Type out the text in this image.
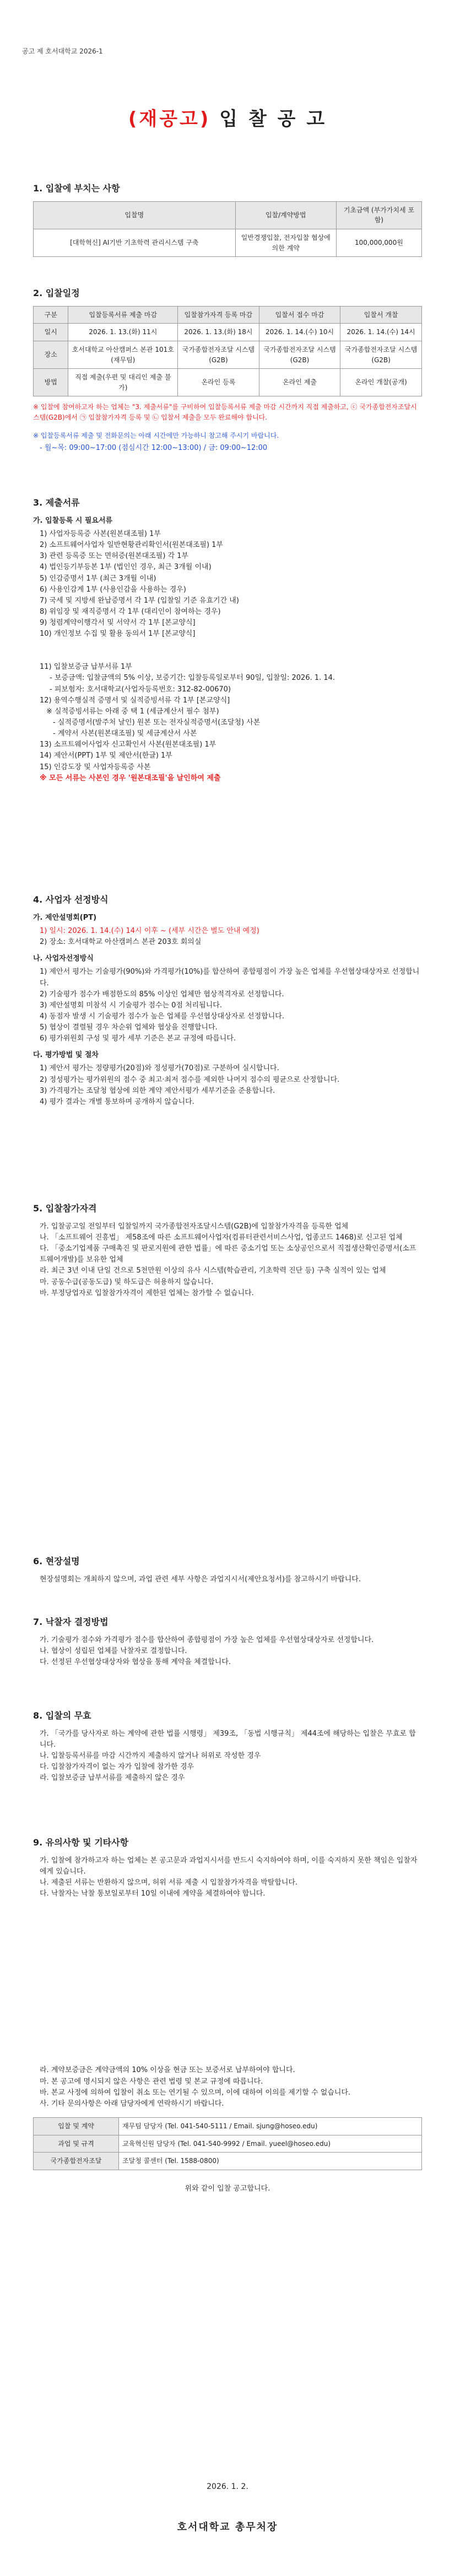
공고 제 호서대학교 2026-1
(재공고) 입 찰 공 고
1. 입찰에 부치는 사항
입찰명	입찰/계약방법	기초금액 (부가가치세 포함)
[대학혁신] AI기반 기초학력 관리시스템 구축	일반경쟁입찰, 전자입찰 협상에 의한 계약	100,000,000원
2. 입찰일정
구분	입찰등록서류 제출 마감	입찰참가자격 등록 마감	입찰서 접수 마감	입찰서 개찰
일시	2026. 1. 13.(화) 11시	2026. 1. 13.(화) 18시	2026. 1. 14.(수) 10시	2026. 1. 14.(수) 14시
장소	호서대학교 아산캠퍼스 본관 101호 (재무팀)	국가종합전자조달 시스템(G2B)	국가종합전자조달 시스템(G2B)	국가종합전자조달 시스템(G2B)
방법	직접 제출(우편 및 대리인 제출 불가)	온라인 등록	온라인 제출	온라인 개찰(공개)

※ 입찰에 참여하고자 하는 업체는 "3. 제출서류"를 구비하여 입찰등록서류 제출 마감 시간까지 직접 제출하고, ⓒ 국가종합전자조달시스템(G2B)에서 ㉠ 입찰참가자격 등록 및 ㉡ 입찰서 제출을 모두 완료해야 합니다.

※ 입찰등록서류 제출 및 전화문의는 아래 시간에만 가능하니 참고해 주시기 바랍니다.

- 월~목: 09:00~17:00 (점심시간 12:00~13:00) / 금: 09:00~12:00

3. 제출서류
가. 입찰등록 시 필요서류

1) 사업자등록증 사본(원본대조필) 1부

2) 소프트웨어사업자 일반현황관리확인서(원본대조필) 1부

3) 관련 등록증 또는 면허증(원본대조필) 각 1부

4) 법인등기부등본 1부 (법인인 경우, 최근 3개월 이내)

5) 인감증명서 1부 (최근 3개월 이내)

6) 사용인감계 1부 (사용인감을 사용하는 경우)

7) 국세 및 지방세 완납증명서 각 1부 (입찰일 기준 유효기간 내)

8) 위임장 및 재직증명서 각 1부 (대리인이 참여하는 경우)

9) 청렴계약이행각서 및 서약서 각 1부 [본교양식]

10) 개인정보 수집 및 활용 동의서 1부 [본교양식]

11) 입찰보증금 납부서류 1부

- 보증금액: 입찰금액의 5% 이상, 보증기간: 입찰등록일로부터 90일, 입찰일: 2026. 1. 14.

- 피보험자: 호서대학교(사업자등록번호: 312-82-00670)

12) 용역수행실적 증명서 및 실적증빙서류 각 1부 [본교양식]

※ 실적증빙서류는 아래 중 택 1 (세금계산서 필수 첨부)

- 실적증명서(발주처 날인) 원본 또는 전자실적증명서(조달청) 사본

- 계약서 사본(원본대조필) 및 세금계산서 사본

13) 소프트웨어사업자 신고확인서 사본(원본대조필) 1부

14) 제안서(PPT) 1부 및 제안서(한글) 1부

15) 인감도장 및 사업자등록증 사본

※ 모든 서류는 사본인 경우 '원본대조필'을 날인하여 제출

4. 사업자 선정방식
가. 제안설명회(PT)

1) 일시: 2026. 1. 14.(수) 14시 이후 ~ (세부 시간은 별도 안내 예정)

2) 장소: 호서대학교 아산캠퍼스 본관 203호 회의실

나. 사업자선정방식

1) 제안서 평가는 기술평가(90%)와 가격평가(10%)를 합산하여 종합평점이 가장 높은 업체를 우선협상대상자로 선정합니다.

2) 기술평가 점수가 배점한도의 85% 이상인 업체만 협상적격자로 선정합니다.

3) 제안설명회 미참석 시 기술평가 점수는 0점 처리됩니다.

4) 동점자 발생 시 기술평가 점수가 높은 업체를 우선협상대상자로 선정합니다.

5) 협상이 결렬될 경우 차순위 업체와 협상을 진행합니다.

6) 평가위원회 구성 및 평가 세부 기준은 본교 규정에 따릅니다.

다. 평가방법 및 절차

1) 제안서 평가는 정량평가(20점)와 정성평가(70점)로 구분하여 실시합니다.

2) 정성평가는 평가위원의 점수 중 최고·최저 점수를 제외한 나머지 점수의 평균으로 산정합니다.

3) 가격평가는 조달청 협상에 의한 계약 제안서평가 세부기준을 준용합니다.

4) 평가 결과는 개별 통보하며 공개하지 않습니다.

5. 입찰참가자격

가. 입찰공고일 전일부터 입찰일까지 국가종합전자조달시스템(G2B)에 입찰참가자격을 등록한 업체

나. 「소프트웨어 진흥법」 제58조에 따른 소프트웨어사업자(컴퓨터관련서비스사업, 업종코드 1468)로 신고된 업체

다. 「중소기업제품 구매촉진 및 판로지원에 관한 법률」에 따른 중소기업 또는 소상공인으로서 직접생산확인증명서(소프트웨어개발)를 보유한 업체

라. 최근 3년 이내 단일 건으로 5천만원 이상의 유사 시스템(학습관리, 기초학력 진단 등) 구축 실적이 있는 업체

마. 공동수급(공동도급) 및 하도급은 허용하지 않습니다.

바. 부정당업자로 입찰참가자격이 제한된 업체는 참가할 수 없습니다.

6. 현장설명

현장설명회는 개최하지 않으며, 과업 관련 세부 사항은 과업지시서(제안요청서)를 참고하시기 바랍니다.

7. 낙찰자 결정방법

가. 기술평가 점수와 가격평가 점수를 합산하여 종합평점이 가장 높은 업체를 우선협상대상자로 선정합니다.

나. 협상이 성립된 업체를 낙찰자로 결정합니다.

다. 선정된 우선협상대상자와 협상을 통해 계약을 체결합니다.

8. 입찰의 무효

가. 「국가를 당사자로 하는 계약에 관한 법률 시행령」 제39조, 「동법 시행규칙」 제44조에 해당하는 입찰은 무효로 합니다.

나. 입찰등록서류를 마감 시간까지 제출하지 않거나 허위로 작성한 경우

다. 입찰참가자격이 없는 자가 입찰에 참가한 경우

라. 입찰보증금 납부서류를 제출하지 않은 경우

9. 유의사항 및 기타사항

가. 입찰에 참가하고자 하는 업체는 본 공고문과 과업지시서를 반드시 숙지하여야 하며, 이를 숙지하지 못한 책임은 입찰자에게 있습니다.

나. 제출된 서류는 반환하지 않으며, 허위 서류 제출 시 입찰참가자격을 박탈합니다.

다. 낙찰자는 낙찰 통보일로부터 10일 이내에 계약을 체결하여야 합니다.

라. 계약보증금은 계약금액의 10% 이상을 현금 또는 보증서로 납부하여야 합니다.

마. 본 공고에 명시되지 않은 사항은 관련 법령 및 본교 규정에 따릅니다.

바. 본교 사정에 의하여 입찰이 취소 또는 연기될 수 있으며, 이에 대하여 이의를 제기할 수 없습니다.

사. 기타 문의사항은 아래 담당자에게 연락하시기 바랍니다.

입찰 및 계약	재무팀 담당자 (Tel. 041-540-5111 / Email. sjung@hoseo.edu)
과업 및 규격	교육혁신원 담당자 (Tel. 041-540-9992 / Email. yueel@hoseo.edu)
국가종합전자조달	조달청 콜센터 (Tel. 1588-0800)

위와 같이 입찰 공고합니다.

2026. 1. 2.
호서대학교 총무처장
